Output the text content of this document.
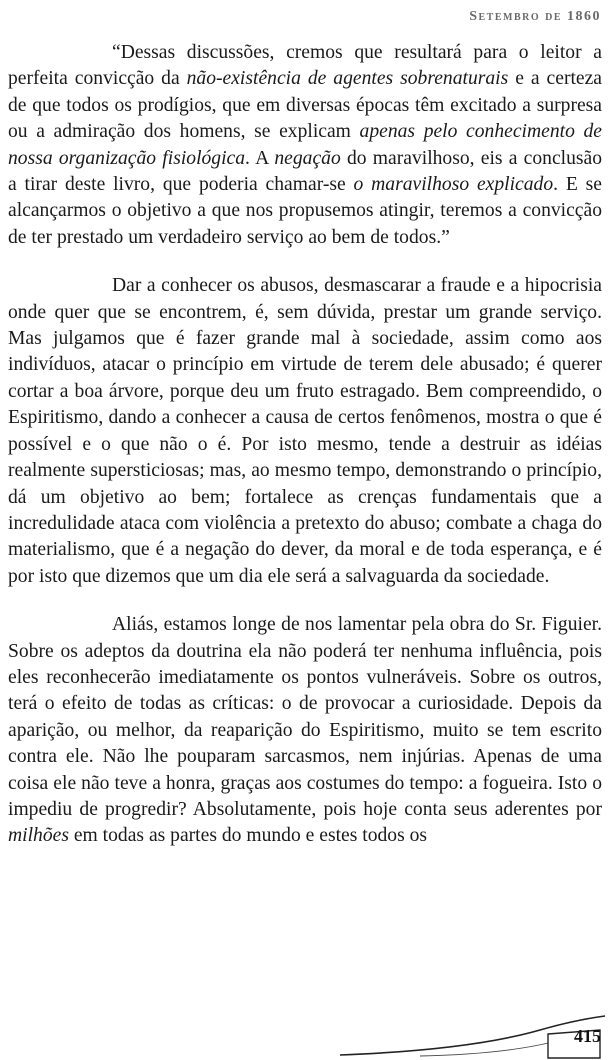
Setembro de 1860

“Dessas discussões, cremos que resultará para o leitor a perfeita convicção da não-existência de agentes sobrenaturais e a certeza de que todos os prodígios, que em diversas épocas têm excitado a surpresa ou a admiração dos homens, se explicam apenas pelo conhecimento de nossa organização fisiológica. A negação do maravilhoso, eis a conclusão a tirar deste livro, que poderia chamar-se o maravilhoso explicado. E se alcançarmos o objetivo a que nos propusemos atingir, teremos a convicção de ter prestado um verdadeiro serviço ao bem de todos.”

Dar a conhecer os abusos, desmascarar a fraude e a hipocrisia onde quer que se encontrem, é, sem dúvida, prestar um grande serviço. Mas julgamos que é fazer grande mal à sociedade, assim como aos indivíduos, atacar o princípio em virtude de terem dele abusado; é querer cortar a boa árvore, porque deu um fruto estragado. Bem compreendido, o Espiritismo, dando a conhecer a causa de certos fenômenos, mostra o que é possível e o que não o é. Por isto mesmo, tende a destruir as idéias realmente supersticiosas; mas, ao mesmo tempo, demonstrando o princípio, dá um objetivo ao bem; fortalece as crenças fundamentais que a incredulidade ataca com violência a pretexto do abuso; combate a chaga do materialismo, que é a negação do dever, da moral e de toda esperança, e é por isto que dizemos que um dia ele será a salvaguarda da sociedade.

Aliás, estamos longe de nos lamentar pela obra do Sr. Figuier. Sobre os adeptos da doutrina ela não poderá ter nenhuma influência, pois eles reconhecerão imediatamente os pontos vulneráveis. Sobre os outros, terá o efeito de todas as críticas: o de provocar a curiosidade. Depois da aparição, ou melhor, da reaparição do Espiritismo, muito se tem escrito contra ele. Não lhe pouparam sarcasmos, nem injúrias. Apenas de uma coisa ele não teve a honra, graças aos costumes do tempo: a fogueira. Isto o impediu de progredir? Absolutamente, pois hoje conta seus aderentes por milhões em todas as partes do mundo e estes todos os

415
